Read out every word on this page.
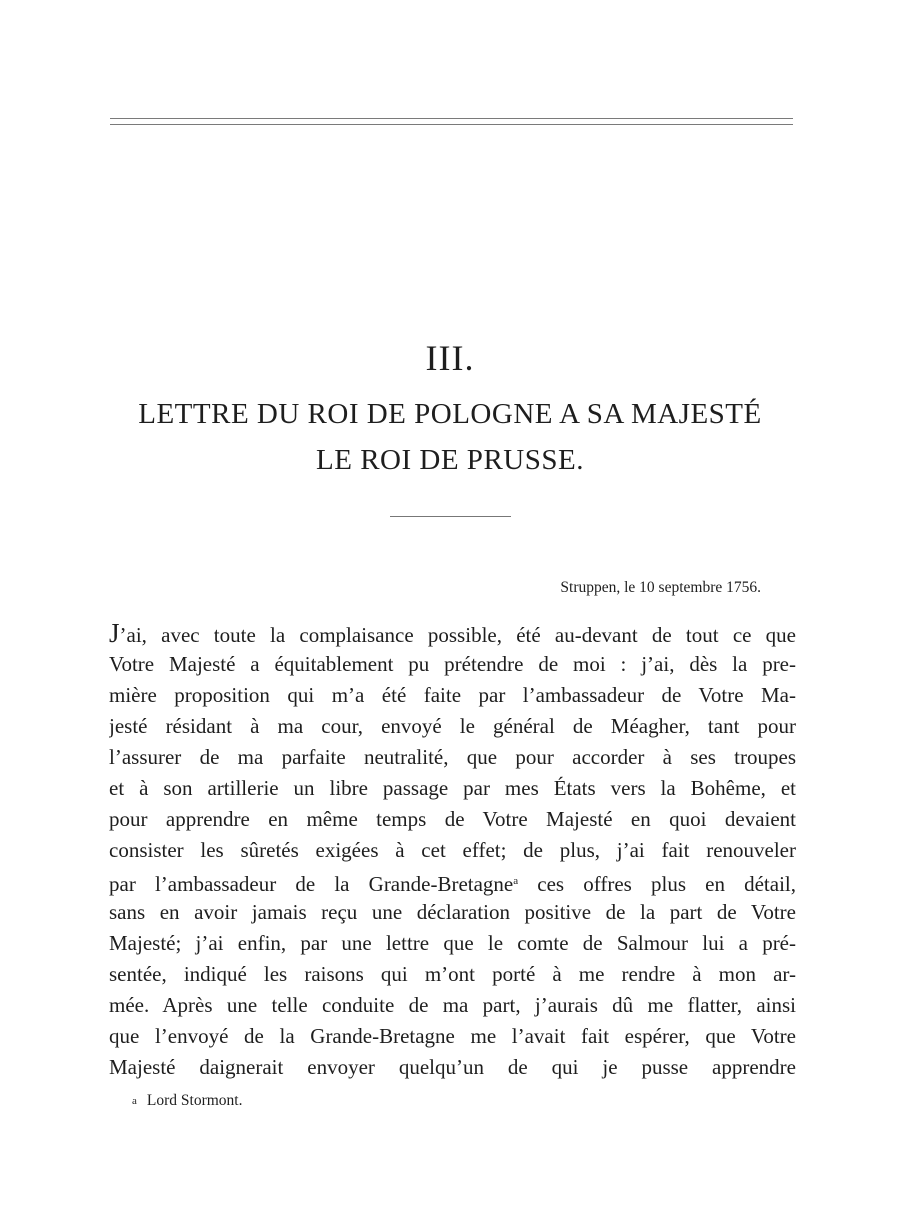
III.
LETTRE DU ROI DE POLOGNE A SA MAJESTÉ
LE ROI DE PRUSSE.
Struppen, le 10 septembre 1756.
J’ai, avec toute la complaisance possible, été au-devant de tout ce que
Votre Majesté a équitablement pu prétendre de moi : j’ai, dès la pre-
mière proposition qui m’a été faite par l’ambassadeur de Votre Ma-
jesté résidant à ma cour, envoyé le général de Méagher, tant pour
l’assurer de ma parfaite neutralité, que pour accorder à ses troupes
et à son artillerie un libre passage par mes États vers la Bohême, et
pour apprendre en même temps de Votre Majesté en quoi devaient
consister les sûretés exigées à cet effet; de plus, j’ai fait renouveler
par l’ambassadeur de la Grande-Bretagne$^a$ ces offres plus en détail,
sans en avoir jamais reçu une déclaration positive de la part de Votre
Majesté; j’ai enfin, par une lettre que le comte de Salmour lui a pré-
sentée, indiqué les raisons qui m’ont porté à me rendre à mon ar-
mée. Après une telle conduite de ma part, j’aurais dû me flatter, ainsi
que l’envoyé de la Grande-Bretagne me l’avait fait espérer, que Votre
Majesté daignerait envoyer quelqu’un de qui je pusse apprendre
a Lord Stormont.
